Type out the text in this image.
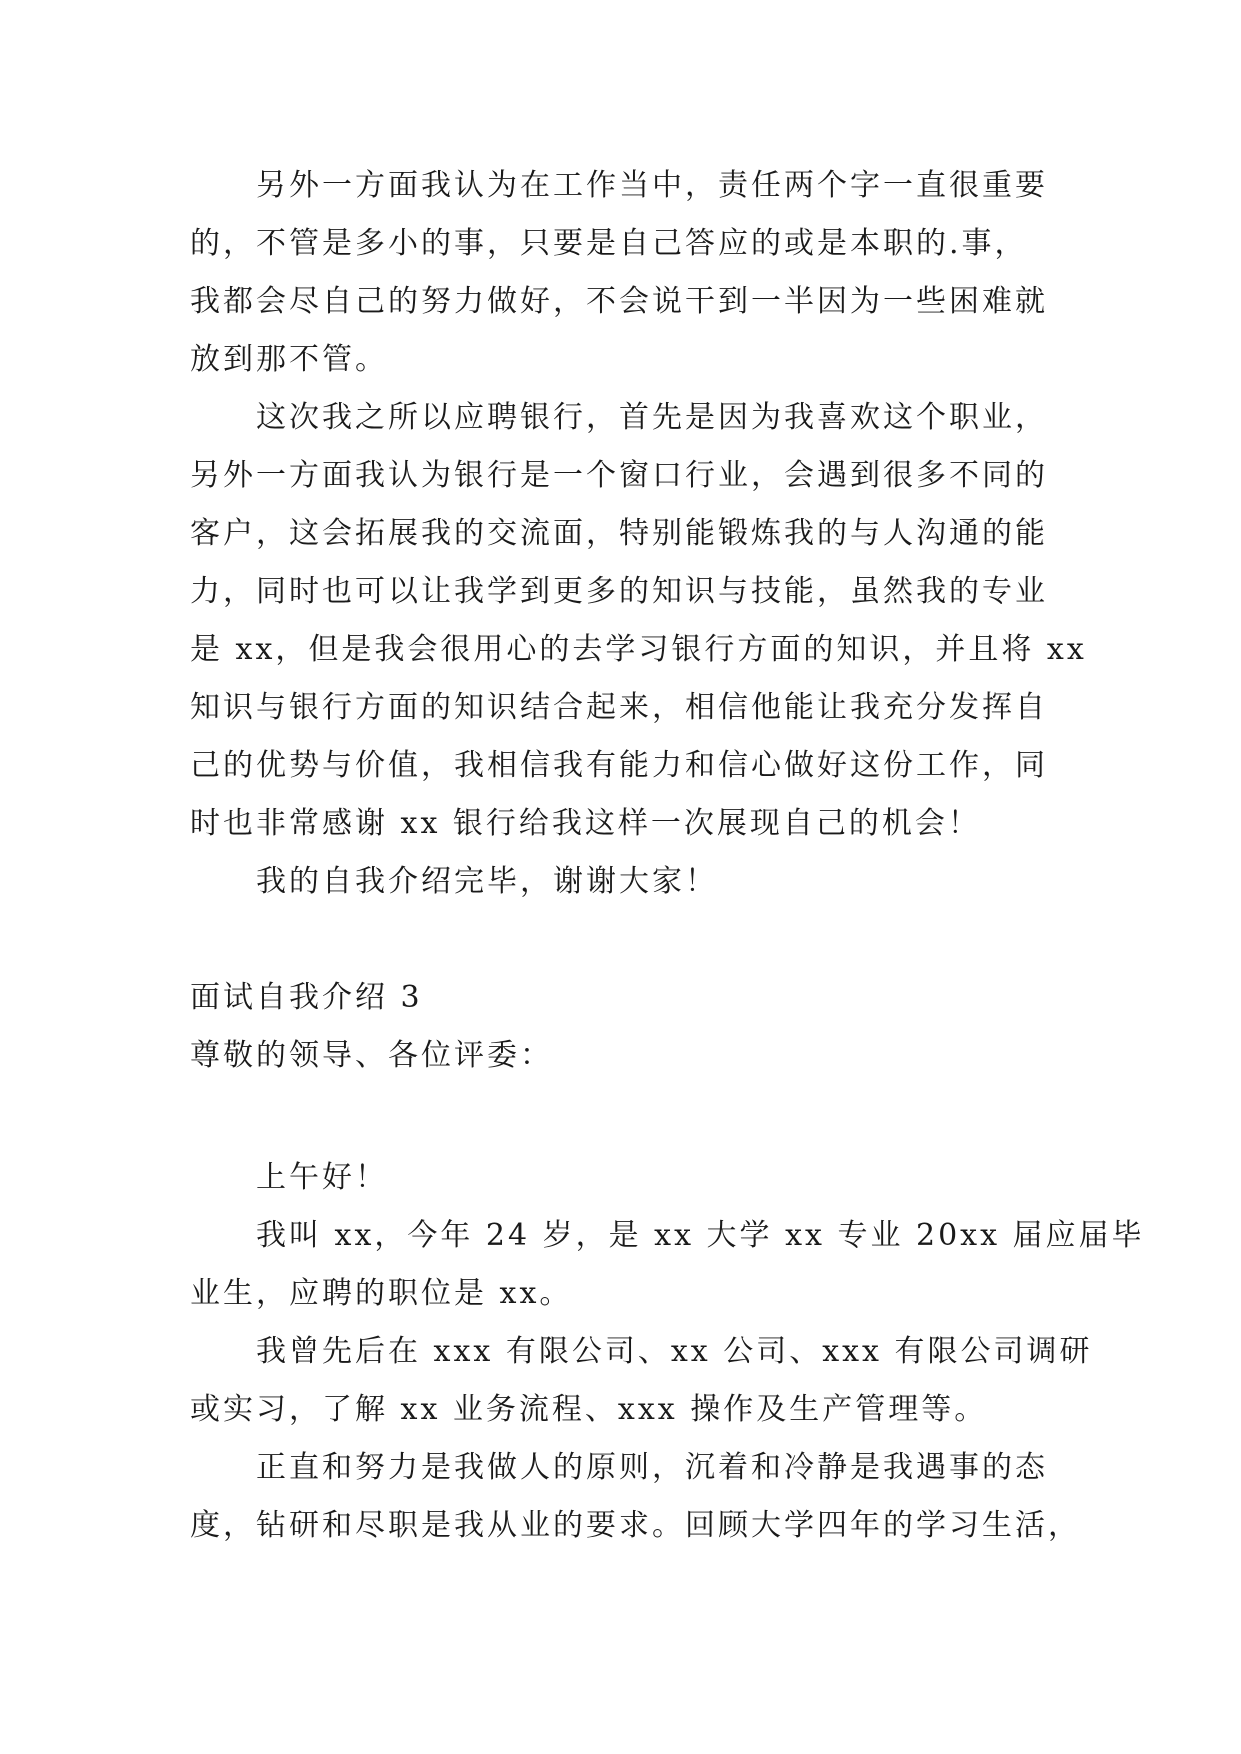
另外一方面我认为在工作当中，责任两个字一直很重要
的，不管是多小的事，只要是自己答应的或是本职的.事，
我都会尽自己的努力做好，不会说干到一半因为一些困难就
放到那不管。
这次我之所以应聘银行，首先是因为我喜欢这个职业，
另外一方面我认为银行是一个窗口行业，会遇到很多不同的
客户，这会拓展我的交流面，特别能锻炼我的与人沟通的能
力，同时也可以让我学到更多的知识与技能，虽然我的专业
是 xx，但是我会很用心的去学习银行方面的知识，并且将 xx
知识与银行方面的知识结合起来，相信他能让我充分发挥自
己的优势与价值，我相信我有能力和信心做好这份工作，同
时也非常感谢 xx 银行给我这样一次展现自己的机会！
我的自我介绍完毕，谢谢大家！
面试自我介绍 3
尊敬的领导、各位评委：
上午好！
我叫 xx，今年 24 岁，是 xx 大学 xx 专业 20xx 届应届毕
业生，应聘的职位是 xx。
我曾先后在 xxx 有限公司、xx 公司、xxx 有限公司调研
或实习，了解 xx 业务流程、xxx 操作及生产管理等。
正直和努力是我做人的原则，沉着和冷静是我遇事的态
度，钻研和尽职是我从业的要求。回顾大学四年的学习生活，
